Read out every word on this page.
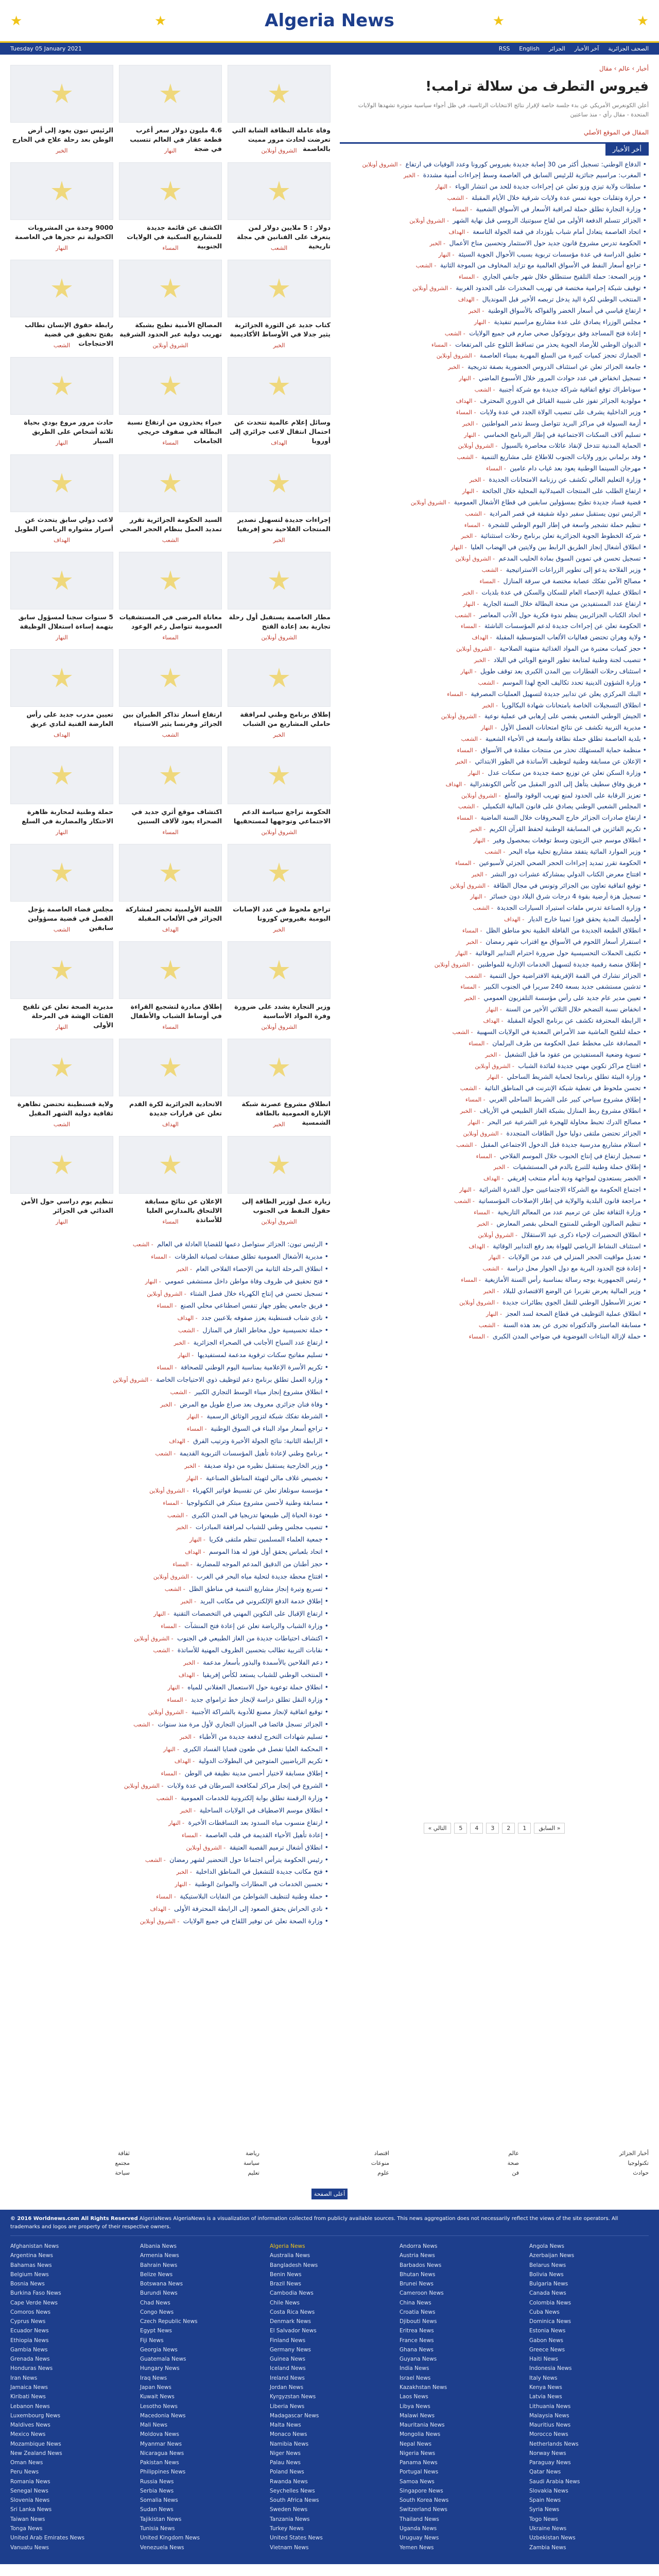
★	★	Algeria News	★	★
Tuesday 05 January 2021	الصحف الجزائرية
آخر الأخبار
الجزائر
English
RSS
أخبار › عالم › مقال
فيروس التطرف من سلالة ترامب!
أعلن الكونغرس الأمريكي عن بدء جلسة خاصة لإقرار نتائج الانتخابات الرئاسية، في ظل أجواء سياسية متوترة تشهدها الولايات المتحدة - مقال رأي - منذ ساعتين
المقال في الموقع الأصلي
أخر الأخبار
• الدفاع الوطني: تسجيل أكثر من 30 إصابة جديدة بفيروس كورونا وعدد الوفيات في ارتفاع - الشروق أونلاين
• المغرب: مراسيم جنائزية للرئيس السابق في العاصمة وسط إجراءات أمنية مشددة - الخبر
• سلطات ولاية تيزي وزو تعلن عن إجراءات جديدة للحد من انتشار الوباء - النهار
• حرارة وتقلبات جوية تمس عدة ولايات شرقية خلال الأيام المقبلة - الشعب
• وزارة التجارة تطلق حملة لمراقبة الأسعار في الأسواق الشعبية - المساء
• الجزائر تتسلم الدفعة الأولى من لقاح سبوتنيك الروسي قبل نهاية الشهر - الشروق أونلاين
• اتحاد العاصمة يتعادل أمام شباب بلوزداد في قمة الجولة التاسعة - الهداف
• الحكومة تدرس مشروع قانون جديد حول الاستثمار وتحسين مناخ الأعمال - الخبر
• تعليق الدراسة في عدة مؤسسات تربوية بسبب الأحوال الجوية السيئة - النهار
• تراجع أسعار النفط في الأسواق العالمية مع تزايد المخاوف من الموجة الثانية - الشعب
• وزير الصحة: حملة التلقيح ستنطلق خلال شهر جانفي الجاري - المساء
• توقيف شبكة إجرامية مختصة في تهريب المخدرات على الحدود الغربية - الشروق أونلاين
• المنتخب الوطني لكرة اليد يدخل تربصه الأخير قبل المونديال - الهداف
• ارتفاع قياسي في أسعار الخضر والفواكه بالأسواق الوطنية - الخبر
• مجلس الوزراء يصادق على عدة مشاريع مراسيم تنفيذية - النهار
• إعادة فتح المساجد وفق بروتوكول صحي صارم في جميع الولايات - الشعب
• الديوان الوطني للأرصاد الجوية يحذر من تساقط الثلوج على المرتفعات - المساء
• الجمارك تحجز كميات كبيرة من السلع المهربة بميناء العاصمة - الشروق أونلاين
• جامعة الجزائر تعلن عن استئناف الدروس الحضورية بصفة تدريجية - الخبر
• تسجيل انخفاض في عدد حوادث المرور خلال الأسبوع الماضي - النهار
• سوناطراك توقع اتفاقية شراكة جديدة مع شركة أجنبية - الشعب
• مولودية الجزائر تفوز على شبيبة القبائل في الدوري المحترف - الهداف
• وزير الداخلية يشرف على تنصيب الولاة الجدد في عدة ولايات - المساء
• أزمة السيولة في مراكز البريد تتواصل وسط تذمر المواطنين - الخبر
• تسليم آلاف السكنات الاجتماعية في إطار البرنامج الخماسي - النهار
• الحماية المدنية تتدخل لإنقاذ عائلات محاصرة بالسيول - الشروق أونلاين
• وفد برلماني يزور ولايات الجنوب للاطلاع على مشاريع التنمية - الشعب
• مهرجان السينما الوطنية يعود بعد غياب دام عامين - المساء
• وزارة التعليم العالي تكشف عن رزنامة الامتحانات الجديدة - الخبر
• ارتفاع الطلب على المنتجات الصيدلانية المحلية خلال الجائحة - النهار
• قضية فساد جديدة تطيح بمسؤولين سابقين في قطاع الأشغال العمومية - الشروق أونلاين
• الرئيس تبون يستقبل سفير دولة شقيقة في قصر المرادية - الشعب
• تنظيم حملة تشجير واسعة في إطار اليوم الوطني للشجرة - المساء
• شركة الخطوط الجوية الجزائرية تعلن برنامج رحلات استثنائية - الخبر
• انطلاق أشغال إنجاز الطريق الرابط بين ولايتين في الهضاب العليا - النهار
• تسجيل تحسن في تموين السوق بمادة الحليب المدعم - الشروق أونلاين
• وزير الفلاحة يدعو إلى تطوير الزراعات الاستراتيجية - الشعب
• مصالح الأمن تفكك عصابة مختصة في سرقة المنازل - المساء
• انطلاق عملية الإحصاء العام للسكان والسكن في عدة بلديات - الخبر
• ارتفاع عدد المستفيدين من منحة البطالة خلال السنة الجارية - النهار
• اتحاد الكتاب الجزائريين ينظم ندوة فكرية حول الأدب المعاصر - الشعب
• الحكومة تعلن عن إجراءات جديدة لدعم المؤسسات الناشئة - المساء
• ولاية وهران تحتضن فعاليات الألعاب المتوسطية المقبلة - الهداف
• حجز كميات معتبرة من المواد الغذائية منتهية الصلاحية - الشروق أونلاين
• تنصيب لجنة وطنية لمتابعة تطور الوضع الوبائي في البلاد - الخبر
• استئناف رحلات القطارات بين المدن الكبرى بعد توقف طويل - النهار
• وزارة الشؤون الدينية تحدد تكاليف الحج لهذا الموسم - الشعب
• البنك المركزي يعلن عن تدابير جديدة لتسهيل العمليات المصرفية - المساء
• انطلاق التسجيلات الخاصة بامتحانات شهادة البكالوريا - الخبر
• الجيش الوطني الشعبي يقضي على إرهابي في عملية نوعية - الشروق أونلاين
• مديرية التربية تكشف عن نتائج امتحانات الفصل الأول - النهار
• بلدية العاصمة تطلق حملة نظافة واسعة في الأحياء الشعبية - الشعب
• منظمة حماية المستهلك تحذر من منتجات مقلدة في الأسواق - المساء
• الإعلان عن مسابقة وطنية لتوظيف الأساتذة في الطور الابتدائي - الخبر
• وزارة السكن تعلن عن توزيع حصة جديدة من سكنات عدل - النهار
• فريق وفاق سطيف يتأهل إلى الدور المقبل من كأس الكونفدرالية - الهداف
• تعزيز الرقابة على الحدود لمنع تهريب الوقود والسلع - الشروق أونلاين
• المجلس الشعبي الوطني يصادق على قانون المالية التكميلي - الشعب
• ارتفاع صادرات الجزائر خارج المحروقات خلال السنة الماضية - المساء
• تكريم الفائزين في المسابقة الوطنية لحفظ القرآن الكريم - الخبر
• انطلاق موسم جني الزيتون وسط توقعات بمحصول وفير - النهار
• وزير الموارد المائية يتفقد مشاريع تحلية مياه البحر - الشعب
• الحكومة تقرر تمديد إجراءات الحجر الصحي الجزئي لأسبوعين - المساء
• افتتاح معرض الكتاب الدولي بمشاركة عشرات دور النشر - الخبر
• توقيع اتفاقية تعاون بين الجزائر وتونس في مجال الطاقة - الشروق أونلاين
• تسجيل هزة أرضية بقوة 4 درجات شرق البلاد دون خسائر - النهار
• وزارة الصناعة تدرس ملفات استيراد السيارات الجديدة - الشعب
• أولمبيك المدية يحقق فوزا ثمينا خارج الديار - الهداف
• انطلاق الطبعة الجديدة من القافلة الطبية نحو مناطق الظل - المساء
• استقرار أسعار اللحوم في الأسواق مع اقتراب شهر رمضان - الخبر
• تكثيف الحملات التحسيسية حول ضرورة احترام التدابير الوقائية - النهار
• إطلاق منصة رقمية جديدة لتسهيل الخدمات الإدارية للمواطنين - الشروق أونلاين
• الجزائر تشارك في القمة الإفريقية الافتراضية حول التنمية - الشعب
• تدشين مستشفى جديد بسعة 240 سريرا في الجنوب الكبير - المساء
• تعيين مدير عام جديد على رأس مؤسسة التلفزيون العمومي - الخبر
• انخفاض نسبة التضخم خلال الثلاثي الأخير من السنة - النهار
• الرابطة المحترفة تكشف عن برنامج الجولة المقبلة - الهداف
• حملة لتلقيح الماشية ضد الأمراض المعدية في الولايات السهبية - الشعب
• المصادقة على مخطط عمل الحكومة من طرف البرلمان - المساء
• تسوية وضعية المستفيدين من عقود ما قبل التشغيل - الخبر
• افتتاح مراكز تكوين مهني جديدة لفائدة الشباب - الشروق أونلاين
• وزارة البيئة تطلق برنامجا لحماية الشريط الساحلي - النهار
• تحسن ملحوظ في تغطية شبكة الإنترنت في المناطق النائية - الشعب
• إطلاق مشروع سياحي كبير على الشريط الساحلي الغربي - المساء
• انطلاق مشروع ربط المنازل بشبكة الغاز الطبيعي في الأرياف - الخبر
• مصالح الدرك تحبط محاولة للهجرة غير الشرعية عبر البحر - النهار
• الجزائر تحتضن ملتقى دوليا حول الطاقات المتجددة - الشروق أونلاين
• استلام مشاريع مدرسية جديدة قبل الدخول الاجتماعي المقبل - الشعب
• تسجيل ارتفاع في إنتاج الحبوب خلال الموسم الفلاحي - المساء
• إطلاق حملة وطنية للتبرع بالدم في المستشفيات - الخبر
• الخضر يستعدون لمواجهة ودية أمام منتخب إفريقي - الهداف
• اجتماع الحكومة مع الشركاء الاجتماعيين حول القدرة الشرائية - النهار
• مراجعة قانون البلدية والولاية في إطار الإصلاحات المؤسساتية - الشعب
• وزارة الثقافة تعلن عن ترميم عدد من المعالم التاريخية - المساء
• تنظيم الصالون الوطني للمنتوج المحلي بقصر المعارض - الخبر
• انطلاق التحضيرات لإحياء ذكرى عيد الاستقلال - الشروق أونلاين
• استئناف النشاط الرياضي للهواة بعد رفع التدابير الوقائية - الهداف
• تعديل مواقيت الحجر المنزلي في عدد من الولايات - النهار
• إعادة فتح الحدود البرية مع دول الجوار محل دراسة - الشعب
• رئيس الجمهورية يوجه رسالة بمناسبة رأس السنة الأمازيغية - المساء
• وزير المالية يعرض تقريرا عن الوضع الاقتصادي للبلاد - الخبر
• تعزيز الأسطول الوطني للنقل الجوي بطائرات جديدة - الشروق أونلاين
• انطلاق عملية التوظيف في قطاع الصحة لسد العجز - النهار
• مسابقة الماستر والدكتوراه تجرى عن بعد هذه السنة - الشعب
• حملة لإزالة البناءات الفوضوية في ضواحي المدن الكبرى - المساء
« السابق
1
2
3
4
5
التالي »
وفاة عاملة النظافة الشابة التي تعرضت لحادث مرور مميت بالعاصمة
الشروق أونلاين
4.6 مليون دولار سعر أغرب قطعة عقار في العالم تتسبب في ضجة
النهار
الرئيس تبون يعود إلى أرض الوطن بعد رحلة علاج في الخارج
الخبر
دولار : 5 ملايين دولار لمن يتعرف على الفنانين في مجلة تاريخية
الشعب
الكشف عن قائمة جديدة للمشاريع السكنية في الولايات الجنوبية
المساء
9000 وحدة من المشروبات الكحولية تم حجزها في العاصمة
النهار
كتاب جديد عن الثورة الجزائرية يثير جدلا في الأوساط الأكاديمية
الخبر
المصالح الأمنية تطيح بشبكة تهريب دولية عبر الحدود الشرقية
الشروق أونلاين
رابطة حقوق الإنسان تطالب بفتح تحقيق في قضية الاحتجاجات
الشعب
وسائل إعلام عالمية تتحدث عن احتمال انتقال لاعب جزائري إلى أوروبا
الهداف
خبراء يحذرون من ارتفاع نسبة البطالة في صفوف خريجي الجامعات
المساء
حادث مرور مروع يودي بحياة ثلاثة أشخاص على الطريق السيار
النهار
إجراءات جديدة لتسهيل تصدير المنتجات الفلاحية نحو إفريقيا
الخبر
السيد الحكومة الجزائرية تقرر تمديد العمل بنظام الحجر الصحي
الشعب
لاعب دولي سابق يتحدث عن أسرار مشواره الرياضي الطويل
الهداف
مطار العاصمة يستقبل أول رحلة تجارية بعد إعادة الفتح
الشروق أونلاين
معاناة المرضى في المستشفيات العمومية تتواصل رغم الوعود
المساء
5 سنوات سجنا لمسؤول سابق بتهمة إساءة استغلال الوظيفة
النهار
إطلاق برنامج وطني لمرافقة حاملي المشاريع من الشباب
الخبر
ارتفاع أسعار تذاكر الطيران بين الجزائر وفرنسا يثير الاستياء
الشعب
تعيين مدرب جديد على رأس العارضة الفنية لنادي عريق
الهداف
الحكومة تراجع سياسة الدعم الاجتماعي وتوجهها لمستحقيها
الشروق أونلاين
اكتشاف موقع أثري جديد في الصحراء يعود لآلاف السنين
المساء
حملة وطنية لمحاربة ظاهرة الاحتكار والمضاربة في السلع
النهار
تراجع ملحوظ في عدد الإصابات اليومية بفيروس كورونا
الخبر
اللجنة الأولمبية تحضر لمشاركة الجزائر في الألعاب المقبلة
الهداف
مجلس قضاء العاصمة يؤجل الفصل في قضية مسؤولين سابقين
الشعب
وزير التجارة يشدد على ضرورة وفرة المواد الأساسية
الشروق أونلاين
إطلاق مبادرة لتشجيع القراءة في أوساط الشباب والأطفال
المساء
مديرية الصحة تعلن عن تلقيح الفئات الهشة في المرحلة الأولى
النهار
انطلاق مشروع عصرنة شبكة الإنارة العمومية بالطاقة الشمسية
الخبر
الاتحادية الجزائرية لكرة القدم تعلن عن قرارات جديدة
الهداف
ولاية قسنطينة تحتضن تظاهرة ثقافية دولية الشهر المقبل
الشعب
زيارة عمل لوزير الطاقة إلى حقول النفط في الجنوب
الشروق أونلاين
الإعلان عن نتائج مسابقة الالتحاق بالمدارس العليا للأساتذة
المساء
تنظيم يوم دراسي حول الأمن الغذائي في الجزائر
النهار
• الرئيس تبون: الجزائر ستواصل دعمها للقضايا العادلة في العالم - الشعب
• مديرية الأشغال العمومية تطلق صفقات لصيانة الطرقات - المساء
• انطلاق المرحلة الثانية من الإحصاء الفلاحي العام - الخبر
• فتح تحقيق في ظروف وفاة مواطن داخل مستشفى عمومي - النهار
• تسجيل تحسن في إنتاج الكهرباء خلال فصل الشتاء - الشروق أونلاين
• فريق جامعي يطور جهاز تنفس اصطناعي محلي الصنع - المساء
• نادي شباب قسنطينة يعزز صفوفه بلاعبين جدد - الهداف
• حملة تحسيسية حول مخاطر الغاز في المنازل - الشعب
• ارتفاع عدد السياح الأجانب في الصحراء الجزائرية - الخبر
• تسليم مفاتيح سكنات ترقوية مدعمة لمستفيديها - النهار
• تكريم الأسرة الإعلامية بمناسبة اليوم الوطني للصحافة - المساء
• وزارة العمل تطلق برنامج دعم لتوظيف ذوي الاحتياجات الخاصة - الشروق أونلاين
• انطلاق مشروع إنجاز ميناء الوسط التجاري الكبير - الشعب
• وفاة فنان جزائري معروف بعد صراع طويل مع المرض - الخبر
• الشرطة تفكك شبكة لتزوير الوثائق الرسمية - النهار
• تراجع أسعار مواد البناء في السوق الوطنية - المساء
• الرابطة الثانية: نتائج الجولة الأخيرة وترتيب الفرق - الهداف
• برنامج وطني لإعادة تأهيل المؤسسات التربوية القديمة - الشعب
• وزير الخارجية يستقبل نظيره من دولة صديقة - الخبر
• تخصيص غلاف مالي لتهيئة المناطق الصناعية - النهار
• مؤسسة سونلغاز تعلن عن تقسيط فواتير الكهرباء - الشروق أونلاين
• مسابقة وطنية لأحسن مشروع مبتكر في التكنولوجيا - المساء
• عودة الحياة إلى طبيعتها تدريجيا في المدن الكبرى - الشعب
• تنصيب مجلس وطني للشباب لمرافقة المبادرات - الخبر
• جمعية العلماء المسلمين تنظم ملتقى فكريا - النهار
• اتحاد بلعباس يحقق أول فوز له هذا الموسم - الهداف
• حجز أطنان من الدقيق المدعم الموجه للمضاربة - المساء
• افتتاح محطة جديدة لتحلية مياه البحر في الغرب - الشروق أونلاين
• تسريع وتيرة إنجاز مشاريع التنمية في مناطق الظل - الشعب
• إطلاق خدمة الدفع الإلكتروني في مكاتب البريد - الخبر
• ارتفاع الإقبال على التكوين المهني في التخصصات التقنية - النهار
• وزارة الشباب والرياضة تعلن عن إعادة فتح المنشآت - المساء
• اكتشاف احتياطات جديدة من الغاز الطبيعي في الجنوب - الشروق أونلاين
• نقابات التربية تطالب بتحسين الظروف المهنية للأساتذة - الشعب
• دعم الفلاحين بالأسمدة والبذور بأسعار مدعمة - الخبر
• المنتخب الوطني للشباب يستعد لكأس إفريقيا - الهداف
• انطلاق حملة توعوية حول الاستعمال العقلاني للمياه - النهار
• وزارة النقل تطلق دراسة لإنجاز خط ترامواي جديد - المساء
• توقيع اتفاقية لإنجاز مصنع للأدوية بالشراكة الأجنبية - الشروق أونلاين
• الجزائر تسجل فائضا في الميزان التجاري لأول مرة منذ سنوات - الشعب
• تسليم شهادات التخرج لدفعة جديدة من الأطباء - الخبر
• المحكمة العليا تفصل في طعون قضايا الفساد الكبرى - النهار
• تكريم الرياضيين المتوجين في البطولات الدولية - الهداف
• إطلاق مسابقة لاختيار أحسن مدينة نظيفة في الوطن - المساء
• الشروع في إنجاز مراكز لمكافحة السرطان في عدة ولايات - الشروق أونلاين
• وزارة الرقمنة تطلق بوابة إلكترونية للخدمات العمومية - الشعب
• انطلاق موسم الاصطياف في الولايات الساحلية - الخبر
• ارتفاع منسوب مياه السدود بعد التساقطات الأخيرة - النهار
• إعادة تأهيل الأحياء القديمة في قلب العاصمة - المساء
• انطلاق أشغال ترميم القصبة العتيقة - الشروق أونلاين
• رئيس الحكومة يترأس اجتماعا حول التحضير لشهر رمضان - الشعب
• فتح مكاتب جديدة للتشغيل في المناطق الداخلية - الخبر
• تحسين الخدمات في المطارات والموانئ الوطنية - النهار
• حملة وطنية لتنظيف الشواطئ من النفايات البلاستيكية - المساء
• نادي الحراش يحقق الصعود إلى الرابطة المحترفة الأولى - الهداف
• وزارة الصحة تعلن عن توفير اللقاح في جميع الولايات - الشروق أونلاين
أخبار الجزائر
عالم
اقتصاد
رياضة
ثقافة
تكنولوجيا
صحة
منوعات
سياسة
مجتمع
حوادث
فن
علوم
تعليم
سياحة
أعلى الصفحة
© 2016 Worldnews.com All Rights Reserved AlgeriaNews AlgeriaNews is a visualization of information collected from publicly available sources. This news aggregation does not necessarily reflect the views of the site operators. All trademarks and logos are property of their respective owners.
Afghanistan News	Albania News	Algeria News	Andorra News	Angola News
Argentina News	Armenia News	Australia News	Austria News	Azerbaijan News
Bahamas News	Bahrain News	Bangladesh News	Barbados News	Belarus News
Belgium News	Belize News	Benin News	Bhutan News	Bolivia News
Bosnia News	Botswana News	Brazil News	Brunei News	Bulgaria News
Burkina Faso News	Burundi News	Cambodia News	Cameroon News	Canada News
Cape Verde News	Chad News	Chile News	China News	Colombia News
Comoros News	Congo News	Costa Rica News	Croatia News	Cuba News
Cyprus News	Czech Republic News	Denmark News	Djibouti News	Dominica News
Ecuador News	Egypt News	El Salvador News	Eritrea News	Estonia News
Ethiopia News	Fiji News	Finland News	France News	Gabon News
Gambia News	Georgia News	Germany News	Ghana News	Greece News
Grenada News	Guatemala News	Guinea News	Guyana News	Haiti News
Honduras News	Hungary News	Iceland News	India News	Indonesia News
Iran News	Iraq News	Ireland News	Israel News	Italy News
Jamaica News	Japan News	Jordan News	Kazakhstan News	Kenya News
Kiribati News	Kuwait News	Kyrgyzstan News	Laos News	Latvia News
Lebanon News	Lesotho News	Liberia News	Libya News	Lithuania News
Luxembourg News	Macedonia News	Madagascar News	Malawi News	Malaysia News
Maldives News	Mali News	Malta News	Mauritania News	Mauritius News
Mexico News	Moldova News	Monaco News	Mongolia News	Morocco News
Mozambique News	Myanmar News	Namibia News	Nepal News	Netherlands News
New Zealand News	Nicaragua News	Niger News	Nigeria News	Norway News
Oman News	Pakistan News	Palau News	Panama News	Paraguay News
Peru News	Philippines News	Poland News	Portugal News	Qatar News
Romania News	Russia News	Rwanda News	Samoa News	Saudi Arabia News
Senegal News	Serbia News	Seychelles News	Singapore News	Slovakia News
Slovenia News	Somalia News	South Africa News	South Korea News	Spain News
Sri Lanka News	Sudan News	Sweden News	Switzerland News	Syria News
Taiwan News	Tajikistan News	Tanzania News	Thailand News	Togo News
Tonga News	Tunisia News	Turkey News	Uganda News	Ukraine News
United Arab Emirates News	United Kingdom News	United States News	Uruguay News	Uzbekistan News
Vanuatu News	Venezuela News	Vietnam News	Yemen News	Zambia News
